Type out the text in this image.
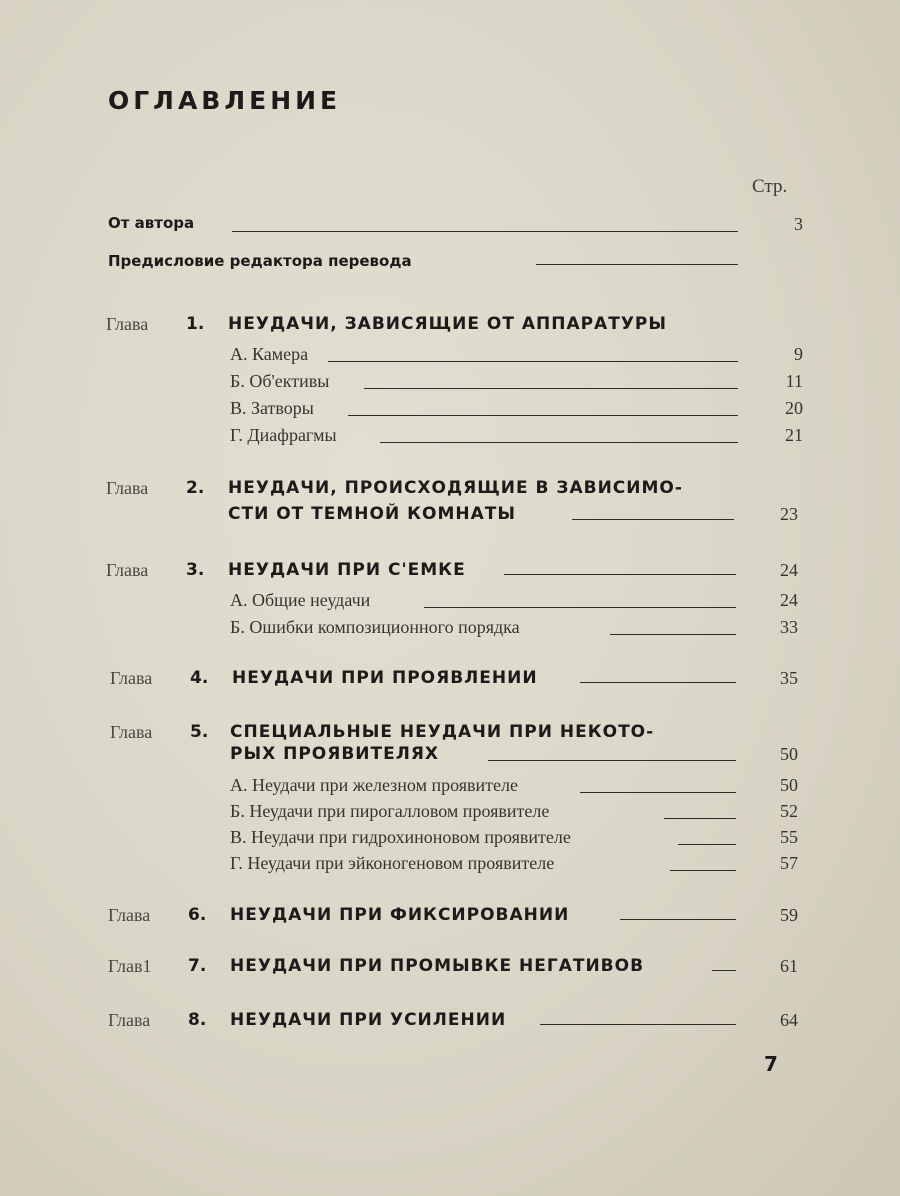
ОГЛАВЛЕНИЕ
Стр.
От автора	3
Предисловие редактора перевода
Глава 1. НЕУДАЧИ, ЗАВИСЯЩИЕ ОТ АППАРАТУРЫ
А. Камера	9
Б. Об'ективы	11
В. Затворы	20
Г. Диафрагмы	21
Глава 2. НЕУДАЧИ, ПРОИСХОДЯЩИЕ В ЗАВИСИМО-
СТИ ОТ ТЕМНОЙ КОМНАТЫ	23
Глава 3. НЕУДАЧИ ПРИ С'ЕМКЕ	24
А. Общие неудачи	24
Б. Ошибки композиционного порядка	33
Глава 4. НЕУДАЧИ ПРИ ПРОЯВЛЕНИИ	35
Глава 5. СПЕЦИАЛЬНЫЕ НЕУДАЧИ ПРИ НЕКОТО-
РЫХ ПРОЯВИТЕЛЯХ	50
А. Неудачи при железном проявителе	50
Б. Неудачи при пирогалловом проявителе	52
В. Неудачи при гидрохиноновом проявителе	55
Г. Неудачи при эйконогеновом проявителе	57
Глава 6. НЕУДАЧИ ПРИ ФИКСИРОВАНИИ	59
Глав1 7. НЕУДАЧИ ПРИ ПРОМЫВКЕ НЕГАТИВОВ	61
Глава 8. НЕУДАЧИ ПРИ УСИЛЕНИИ	64
7
